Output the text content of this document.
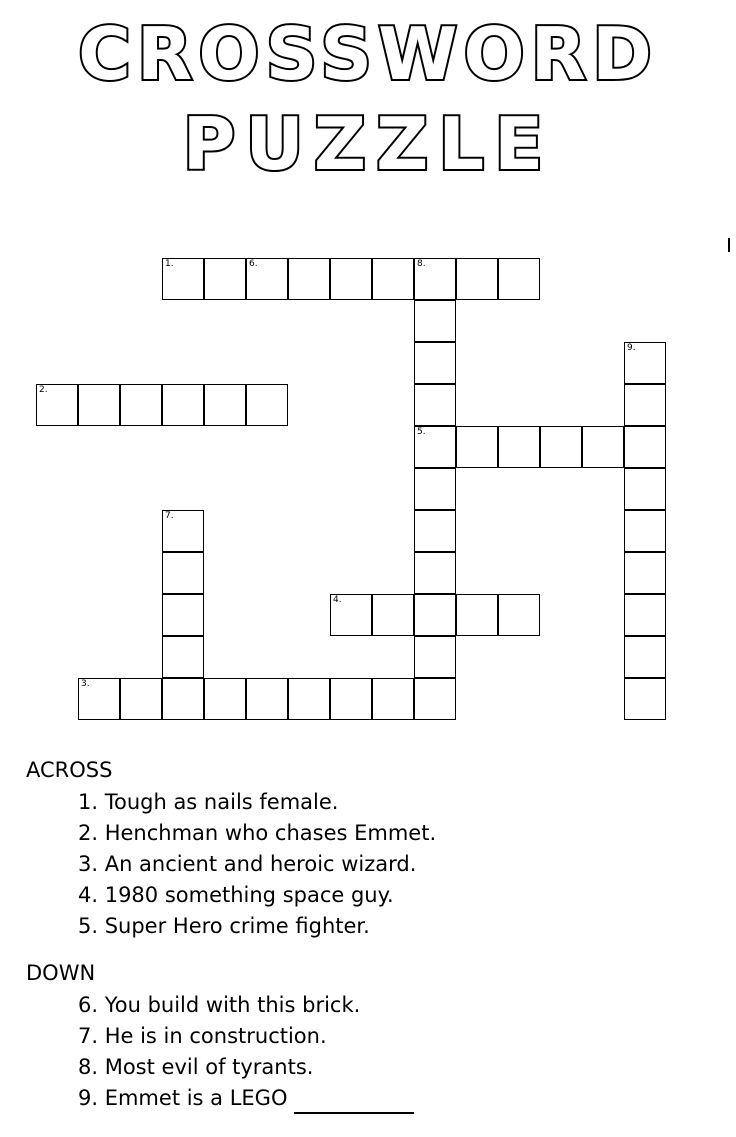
CROSSWORD
PUZZLE
1.	6.	8.
2.
3.
4.
5.
7.
9.
ACROSS
1. Tough as nails female.
2. Henchman who chases Emmet.
3. An ancient and heroic wizard.
4. 1980 something space guy.
5. Super Hero crime fighter.
DOWN
6. You build with this brick.
7. He is in construction.
8. Most evil of tyrants.
9. Emmet is a LEGO
